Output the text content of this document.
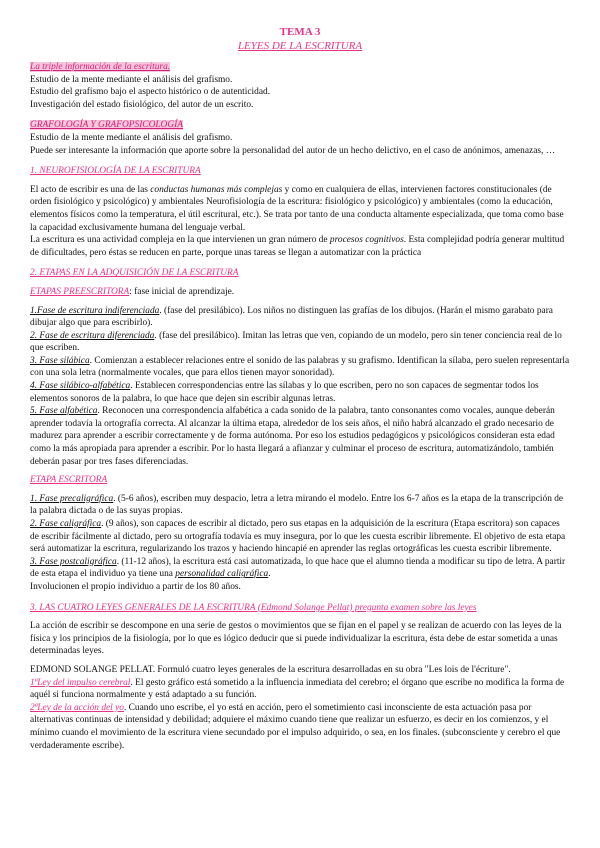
TEMA 3
LEYES DE LA ESCRITURA
La triple información de la escritura.

Estudio de la mente mediante el análisis del grafismo.

Estudio del grafismo bajo el aspecto histórico o de autenticidad.

Investigación del estado fisiológico, del autor de un escrito.

GRAFOLOGÍA Y GRAFOPSICOLOGÍA

Estudio de la mente mediante el análisis del grafismo.

Puede ser interesante la información que aporte sobre la personalidad del autor de un hecho delictivo, en el caso de anónimos, amenazas, …

1. NEUROFISIOLOGÍA DE LA ESCRITURA

El acto de escribir es una de las conductas humanas más complejas y como en cualquiera de ellas, intervienen factores constitucionales (de orden fisiológico y psicológico) y ambientales Neurofisiología de la escritura: fisiológico y psicológico) y ambientales (como la educación, elementos físicos como la temperatura, el útil escritural, etc.). Se trata por tanto de una conducta altamente especializada, que toma como base la capacidad exclusivamente humana del lenguaje verbal.

La escritura es una actividad compleja en la que intervienen un gran número de procesos cognitivos. Esta complejidad podría generar multitud de dificultades, pero éstas se reducen en parte, porque unas tareas se llegan a automatizar con la práctica

2. ETAPAS EN LA ADQUISICIÓN DE LA ESCRITURA

ETAPAS PREESCRITORA: fase inicial de aprendizaje.

1.Fase de escritura indiferenciada. (fase del presilábico). Los niños no distinguen las grafías de los dibujos. (Harán el mismo garabato para dibujar algo que para escribirlo).

2. Fase de escritura diferenciada. (fase del presilábico). Imitan las letras que ven, copiando de un modelo, pero sin tener conciencia real de lo que escriben.

3. Fase silábica. Comienzan a establecer relaciones entre el sonido de las palabras y su grafismo. Identifican la sílaba, pero suelen representarla con una sola letra (normalmente vocales, que para ellos tienen mayor sonoridad).

4. Fase silábico-alfabética. Establecen correspondencias entre las sílabas y lo que escriben, pero no son capaces de segmentar todos los elementos sonoros de la palabra, lo que hace que dejen sin escribir algunas letras.

5. Fase alfabética. Reconocen una correspondencia alfabética a cada sonido de la palabra, tanto consonantes como vocales, aunque deberán aprender todavía la ortografía correcta. Al alcanzar la última etapa, alrededor de los seis años, el niño habrá alcanzado el grado necesario de madurez para aprender a escribir correctamente y de forma autónoma. Por eso los estudios pedagógicos y psicológicos consideran esta edad como la más apropiada para aprender a escribir. Por lo hasta llegará a afianzar y culminar el proceso de escritura, automatizándolo, también deberán pasar por tres fases diferenciadas.

ETAPA ESCRITORA

1. Fase precaligráfica. (5-6 años), escriben muy despacio, letra a letra mirando el modelo. Entre los 6-7 años es la etapa de la transcripción de la palabra dictada o de las suyas propias.

2. Fase caligráfica. (9 años), son capaces de escribir al dictado, pero sus etapas en la adquisición de la escritura (Etapa escritora) son capaces de escribir fácilmente al dictado, pero su ortografía todavía es muy insegura, por lo que les cuesta escribir libremente. El objetivo de esta etapa será automatizar la escritura, regularizando los trazos y haciendo hincapié en aprender las reglas ortográficas les cuesta escribir libremente.

3. Fase postcaligráfica. (11-12 años), la escritura está casi automatizada, lo que hace que el alumno tienda a modificar su tipo de letra. A partir de esta etapa el individuo ya tiene una personalidad caligráfica.

Involucionen el propio individuo a partir de los 80 años.

3. LAS CUATRO LEYES GENERALES DE LA ESCRITURA (Edmond Solange Pellat) pregunta examen sobre las leyes

La acción de escribir se descompone en una serie de gestos o movimientos que se fijan en el papel y se realizan de acuerdo con las leyes de la física y los principios de la fisiología, por lo que es lógico deducir que si puede individualizar la escritura, ésta debe de estar sometida a unas determinadas leyes.

EDMOND SOLANGE PELLAT. Formuló cuatro leyes generales de la escritura desarrolladas en su obra "Les lois de l'écriture".

1ªLey del impulso cerebral. El gesto gráfico está sometido a la influencia inmediata del cerebro; el órgano que escribe no modifica la forma de aquél si funciona normalmente y está adaptado a su función.

2ªLey de la acción del yo. Cuando uno escribe, el yo está en acción, pero el sometimiento casi inconsciente de esta actuación pasa por alternativas continuas de intensidad y debilidad; adquiere el máximo cuando tiene que realizar un esfuerzo, es decir en los comienzos, y el mínimo cuando el movimiento de la escritura viene secundado por el impulso adquirido, o sea, en los finales. (subconsciente y cerebro el que verdaderamente escribe).
